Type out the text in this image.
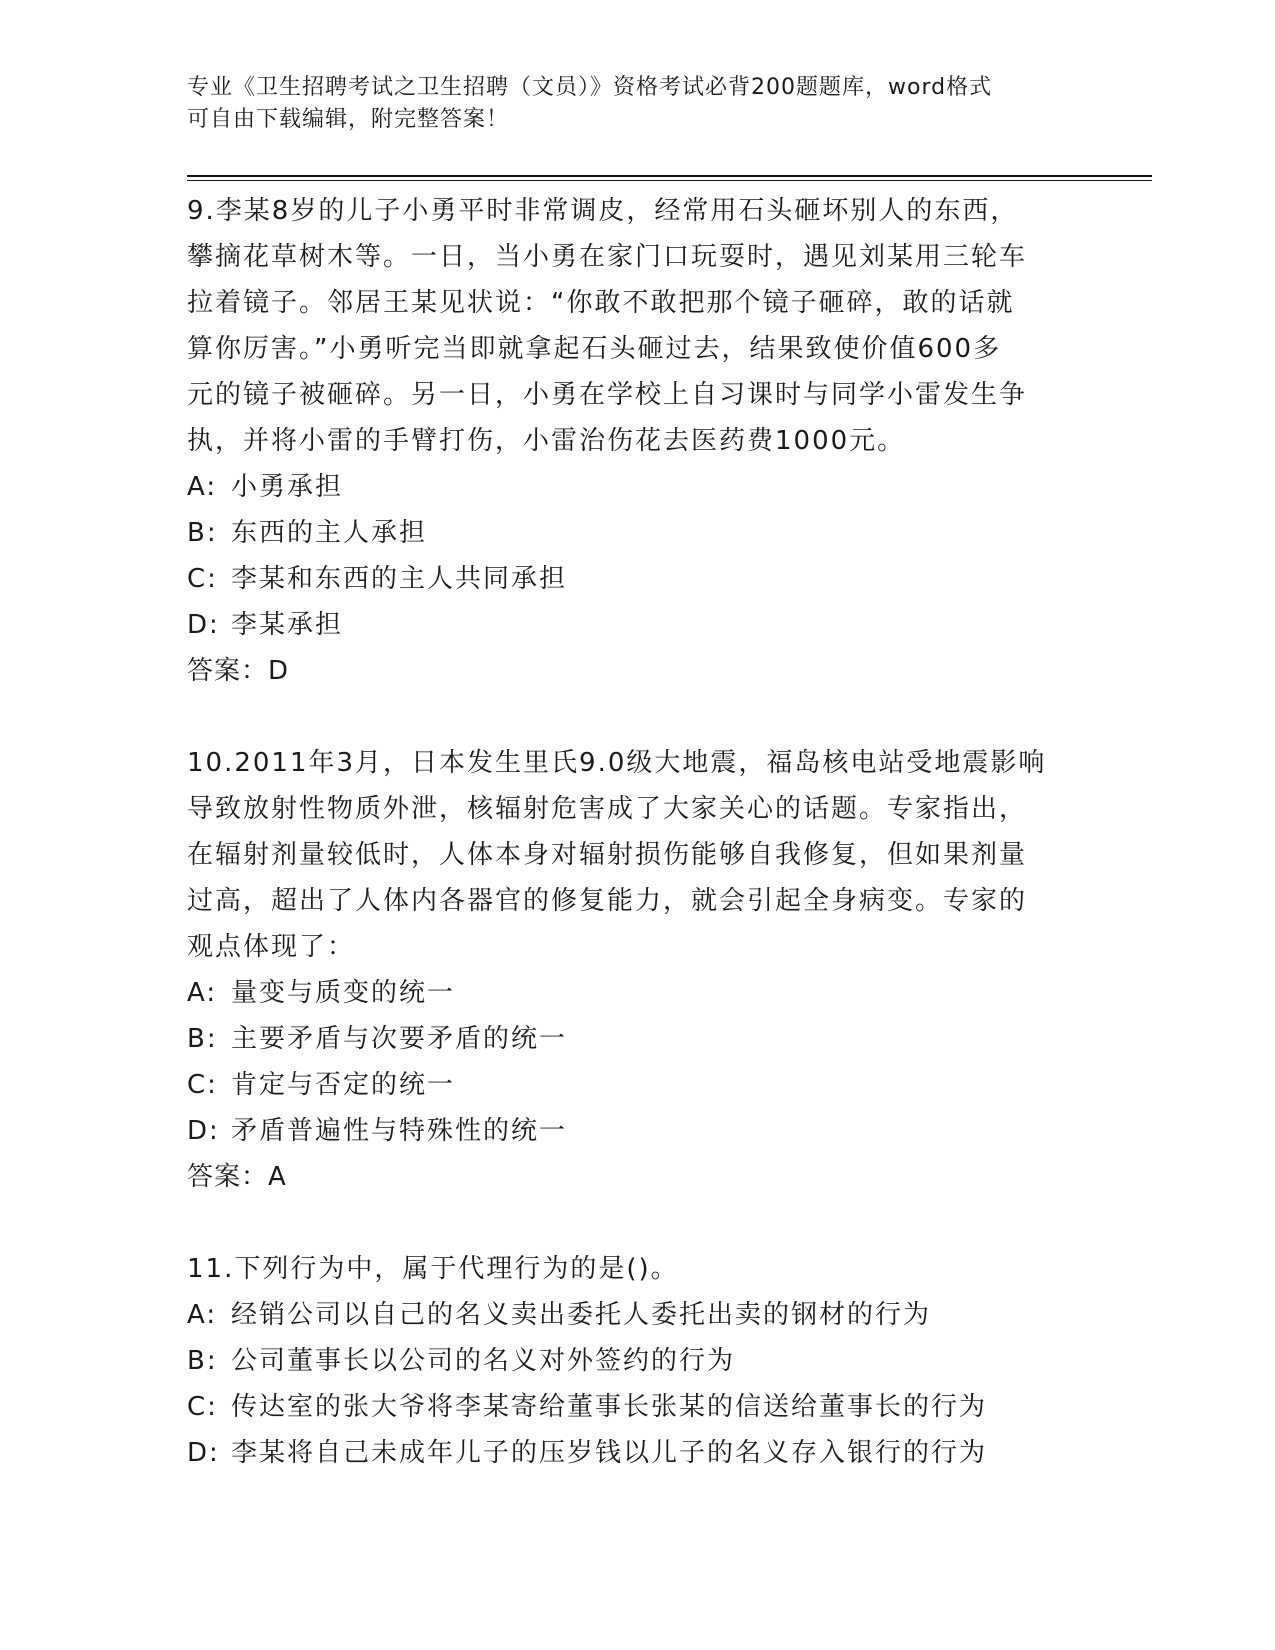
专业《卫生招聘考试之卫生招聘（文员）》资格考试必背200题题库，word格式
可自由下载编辑，附完整答案！

9.李某8岁的儿子小勇平时非常调皮，经常用石头砸坏别人的东西，

攀摘花草树木等。一日，当小勇在家门口玩耍时，遇见刘某用三轮车

拉着镜子。邻居王某见状说：“你敢不敢把那个镜子砸碎，敢的话就

算你厉害。”小勇听完当即就拿起石头砸过去，结果致使价值600多

元的镜子被砸碎。另一日，小勇在学校上自习课时与同学小雷发生争

执，并将小雷的手臂打伤，小雷治伤花去医药费1000元。

A: 小勇承担

B: 东西的主人承担

C: 李某和东西的主人共同承担

D: 李某承担

答案：D

10.2011年3月，日本发生里氏9.0级大地震，福岛核电站受地震影响

导致放射性物质外泄，核辐射危害成了大家关心的话题。专家指出，

在辐射剂量较低时，人体本身对辐射损伤能够自我修复，但如果剂量

过高，超出了人体内各器官的修复能力，就会引起全身病变。专家的

观点体现了：

A: 量变与质变的统一

B: 主要矛盾与次要矛盾的统一

C: 肯定与否定的统一

D: 矛盾普遍性与特殊性的统一

答案：A

11.下列行为中，属于代理行为的是()。

A: 经销公司以自己的名义卖出委托人委托出卖的钢材的行为

B: 公司董事长以公司的名义对外签约的行为

C: 传达室的张大爷将李某寄给董事长张某的信送给董事长的行为

D: 李某将自己未成年儿子的压岁钱以儿子的名义存入银行的行为
